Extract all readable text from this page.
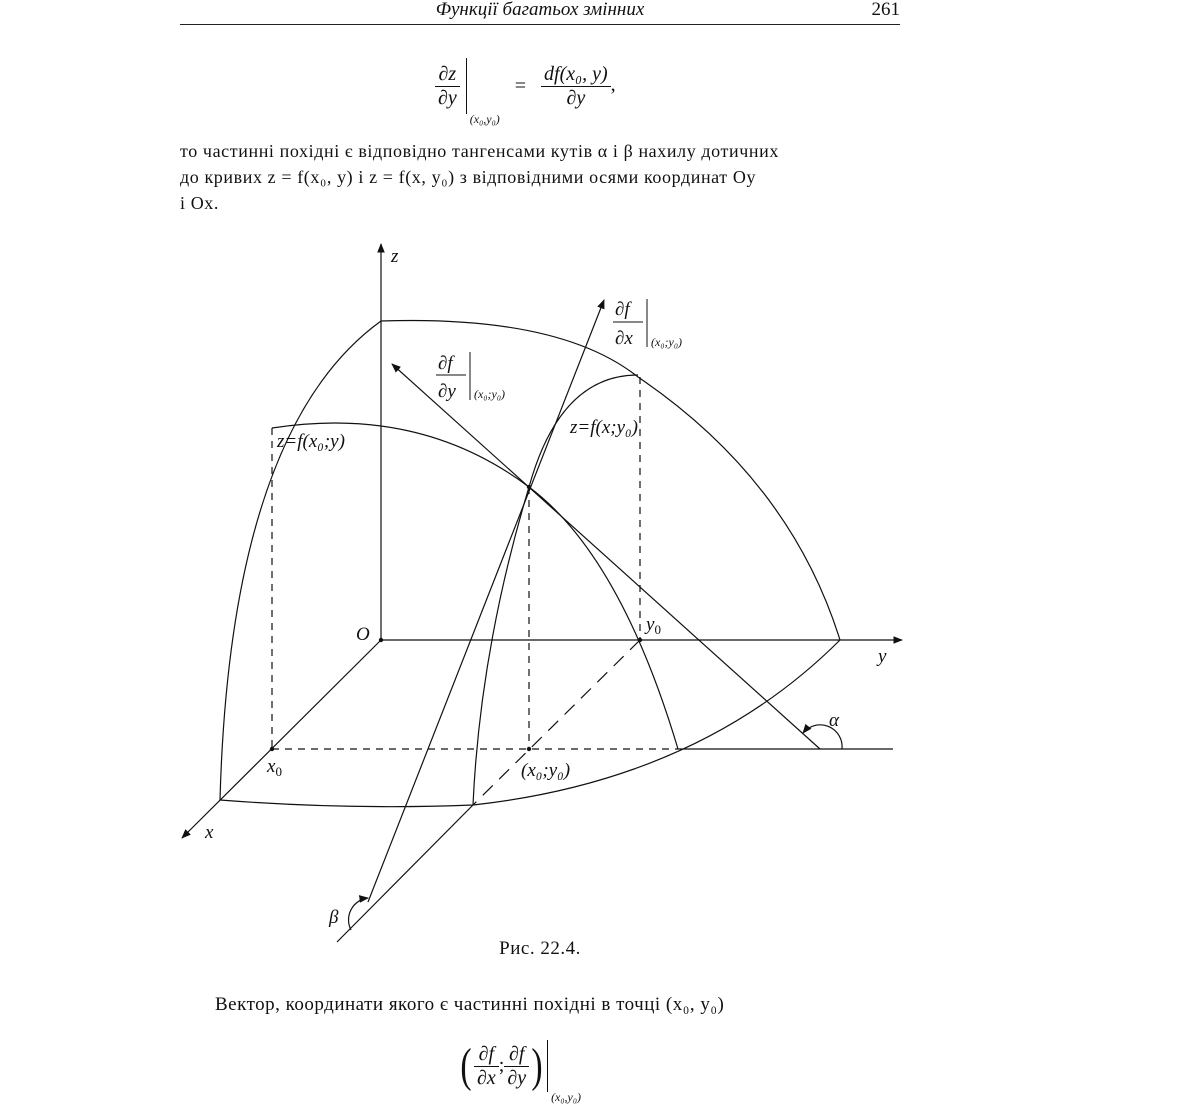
Функції багатьох змінних	261
$\frac{\partial z}{\partial y}$
$(x_0,y_0) = \frac{\text{df(x₀, y)}}{\partial y}$ ,

то частинні похідні є відповідно тангенсами кутів α і β нахилу дотичних

до кривих z = f(x₀, y) і z = f(x, y₀) з відповідними осями координат Oy

і Ox.

z
y
x
O
$x_0$
$y_0$
(x₀;y₀)
z=f(x₀;y)
z=f(x;y₀)
α
β
∂f
∂y (x₀;y₀)
∂f
∂x (x₀;y₀)
Рис. 22.4.
Вектор, координати якого є частинні похідні в точці (x₀, y₀)
( $\frac{\partial f}{\partial x}$ ; $\frac{\partial f}{\partial y} )(x_0,y_0)$
